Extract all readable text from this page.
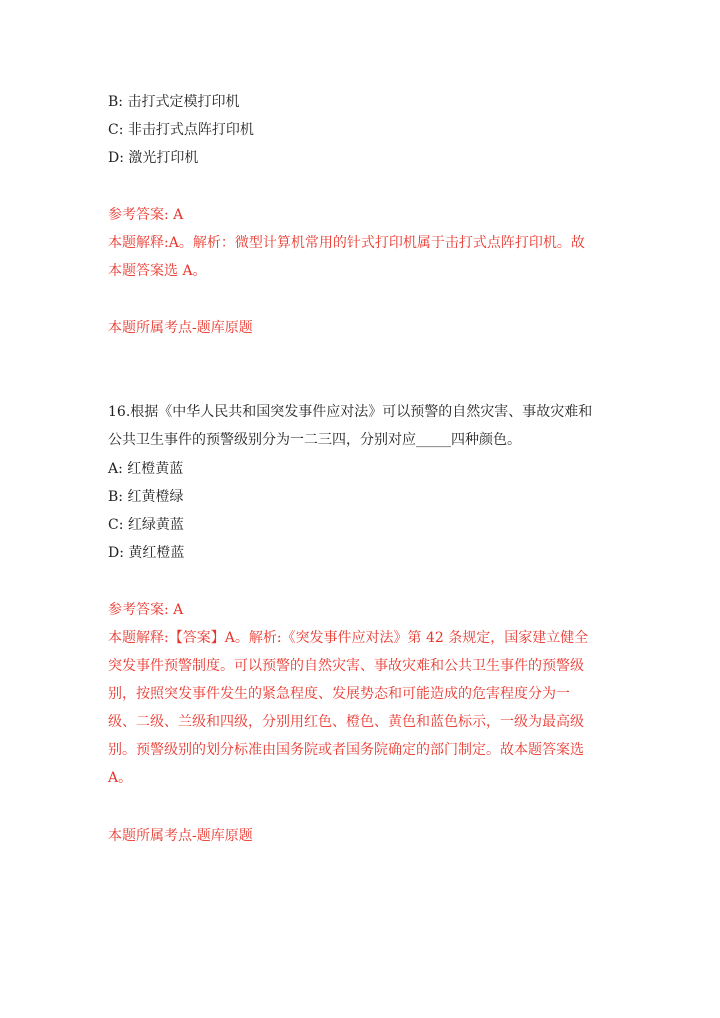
B: 击打式定模打印机
C: 非击打式点阵打印机
D: 激光打印机
参考答案: A
本题解释:A。解析：微型计算机常用的针式打印机属于击打式点阵打印机。故
本题答案选 A。
本题所属考点-题库原题
16.根据《中华人民共和国突发事件应对法》可以预警的自然灾害、事故灾难和
公共卫生事件的预警级别分为一二三四，分别对应_____四种颜色。
A: 红橙黄蓝
B: 红黄橙绿
C: 红绿黄蓝
D: 黄红橙蓝
参考答案: A
本题解释:【答案】A。解析:《突发事件应对法》第 42 条规定，国家建立健全
突发事件预警制度。可以预警的自然灾害、事故灾难和公共卫生事件的预警级
别，按照突发事件发生的紧急程度、发展势态和可能造成的危害程度分为一
级、二级、兰级和四级，分别用红色、橙色、黄色和蓝色标示，一级为最高级
别。预警级别的划分标准由国务院或者国务院确定的部门制定。故本题答案选
A。
本题所属考点-题库原题
